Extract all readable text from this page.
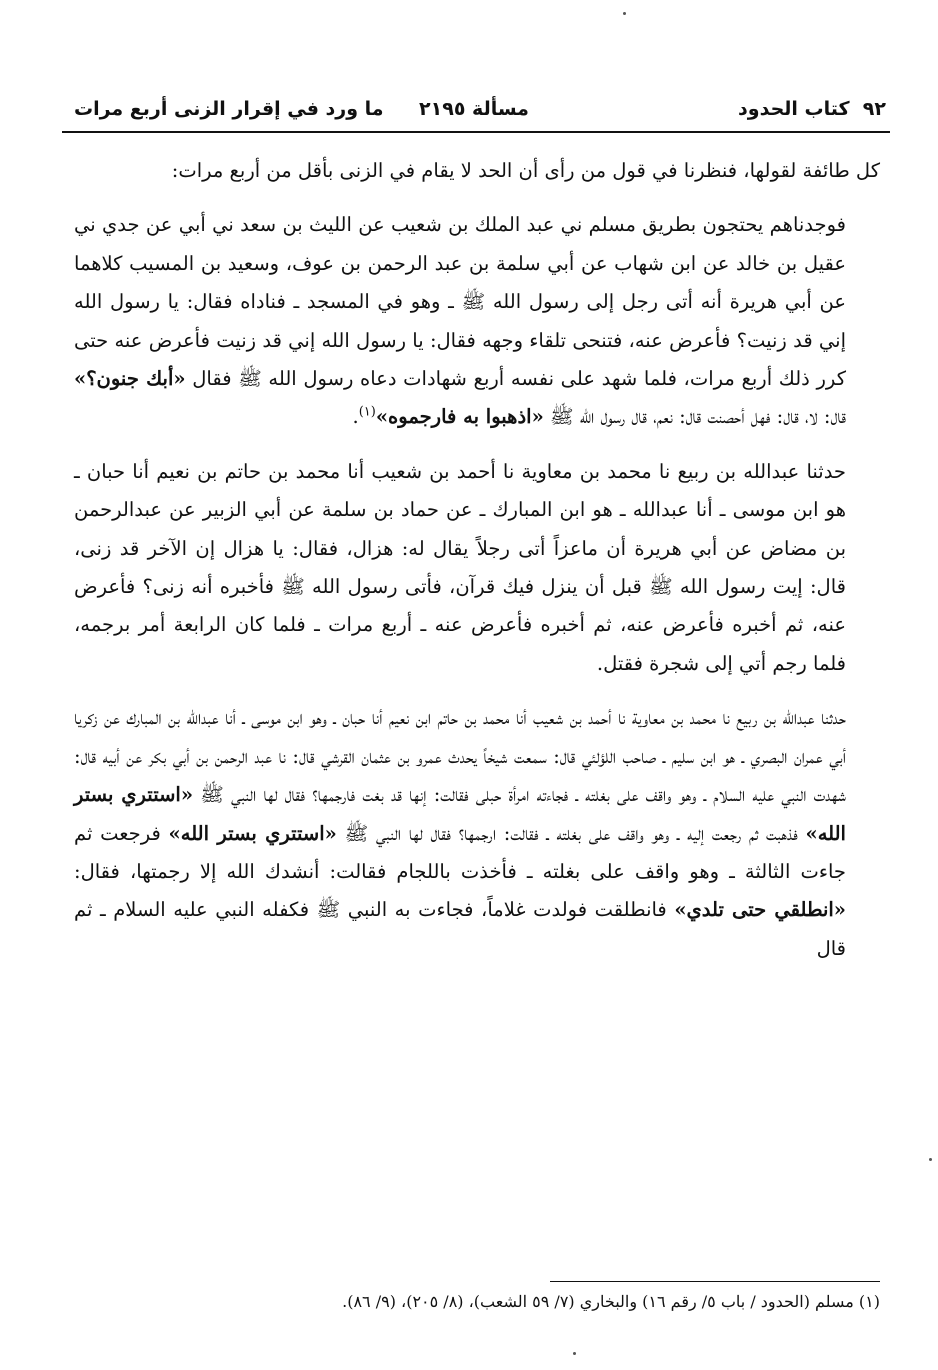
٩٢  كتاب الحدود
مسألة ٢١٩٥
ما ورد في إقرار الزنى أربع مرات

كل طائفة لقولها، فنظرنا في قول من رأى أن الحد لا يقام في الزنى بأقل من أربع مرات:

فوجدناهم يحتجون بطريق مسلم ني عبد الملك بن شعيب عن الليث بن سعد ني أبي عن جدي ني عقيل بن خالد عن ابن شهاب عن أبي سلمة بن عبد الرحمن بن عوف، وسعيد بن المسيب كلاهما عن أبي هريرة أنه أتى رجل إلى رسول الله ﷺ ـ وهو في المسجد ـ فناداه فقال: يا رسول الله إني قد زنيت؟ فأعرض عنه، فتنحى تلقاء وجهه فقال: يا رسول الله إني قد زنيت فأعرض عنه حتى كرر ذلك أربع مرات، فلما شهد على نفسه أربع شهادات دعاه رسول الله ﷺ فقال «أبك جنون؟» قال: لا، قال: فهل أحصنت قال: نعم، قال رسول الله ﷺ «اذهبوا به فارجموه»$^{(١)}$.

حدثنا عبدالله بن ربيع نا محمد بن معاوية نا أحمد بن شعيب أنا محمد بن حاتم بن نعيم أنا حبان ـ هو ابن موسى ـ أنا عبدالله ـ هو ابن المبارك ـ عن حماد بن سلمة عن أبي الزبير عن عبدالرحمن بن مضاض عن أبي هريرة أن ماعزاً أتى رجلاً يقال له: هزال، فقال: يا هزال إن الآخر قد زنى، قال: إيت رسول الله ﷺ قبل أن ينزل فيك قرآن، فأتى رسول الله ﷺ فأخبره أنه زنى؟ فأعرض عنه، ثم أخبره فأعرض عنه، ثم أخبره فأعرض عنه ـ أربع مرات ـ فلما كان الرابعة أمر برجمه، فلما رجم أتي إلى شجرة فقتل.

حدثنا عبدالله بن ربيع نا محمد بن معاوية نا أحمد بن شعيب أنا محمد بن حاتم ابن نعيم أنا حبان ـ وهو ابن موسى ـ أنا عبدالله بن المبارك عن زكريا أبي عمران البصري ـ هو ابن سليم ـ صاحب اللؤلئي قال: سمعت شيخاً يحدث عمرو بن عثمان القرشي قال: نا عبد الرحمن بن أبي بكر عن أبيه قال: شهدت النبي عليه السلام ـ وهو واقف على بغلته ـ فجاءته امرأة حبلى فقالت: إنها قد بغت فارجمها؟ فقال لها النبي ﷺ «استتري بستر الله» فذهبت ثم رجعت إليه ـ وهو واقف على بغلته ـ فقالت: ارجمها؟ فقال لها النبي ﷺ «استتري بستر الله» فرجعت ثم جاءت الثالثة ـ وهو واقف على بغلته ـ فأخذت باللجام فقالت: أنشدك الله إلا رجمتها، فقال: «انطلقي حتى تلدي» فانطلقت فولدت غلاماً، فجاءت به النبي ﷺ فكفله النبي عليه السلام ـ ثم قال

(١) مسلم (الحدود / باب ٥/ رقم ١٦) والبخاري (٧/ ٥٩ الشعب)، (٨/ ٢٠٥)، (٩/ ٨٦).
